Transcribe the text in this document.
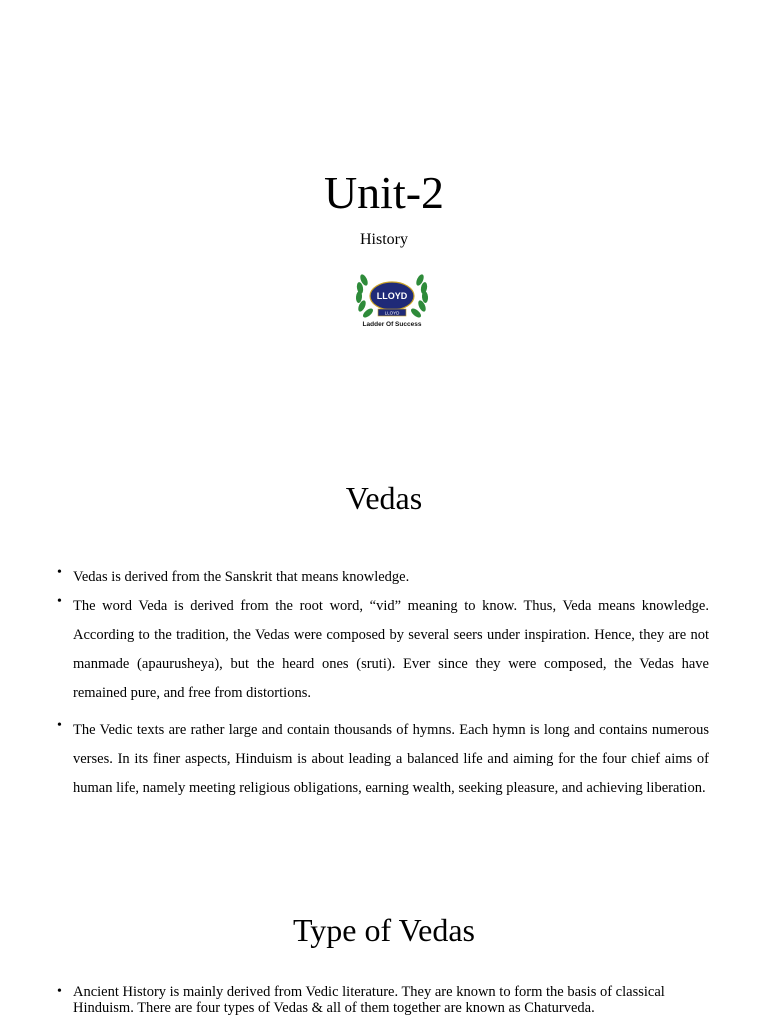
Unit-2
History
LLOYD
LLOYD
Ladder Of Success
Vedas
• Vedas is derived from the Sanskrit that means knowledge.
• The word Veda is derived from the root word, “vid” meaning to know. Thus, Veda means knowledge. According to the tradition, the Vedas were composed by several seers under inspiration. Hence, they are not manmade (apaurusheya), but the heard ones (sruti). Ever since they were composed, the Vedas have remained pure, and free from distortions.
• The Vedic texts are rather large and contain thousands of hymns. Each hymn is long and contains numerous verses. In its finer aspects, Hinduism is about leading a balanced life and aiming for the four chief aims of human life, namely meeting religious obligations, earning wealth, seeking pleasure, and achieving liberation.
Type of Vedas
• Ancient History is mainly derived from Vedic literature. They are known to form the basis of classical Hinduism. There are four types of Vedas & all of them together are known as Chaturveda.
